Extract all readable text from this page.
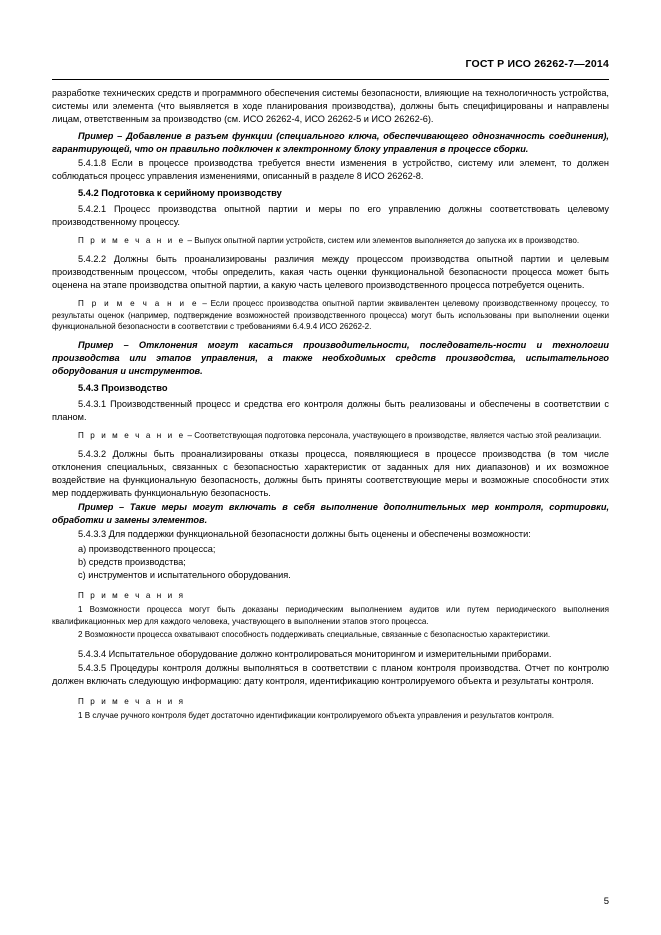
ГОСТ Р ИСО 26262-7—2014

разработке технических средств и программного обеспечения системы безопасности, влияющие на технологичность устройства, системы или элемента (что выявляется в ходе планирования производства), должны быть специфицированы и направлены лицам, ответственным за производство (см. ИСО 26262-4, ИСО 26262-5 и ИСО 26262-6).

Пример – Добавление в разъем функции (специального ключа, обеспечивающего однозначность соединения), гарантирующей, что он правильно подключен к электронному блоку управления в процессе сборки.

5.4.1.8 Если в процессе производства требуется внести изменения в устройство, систему или элемент, то должен соблюдаться процесс управления изменениями, описанный в разделе 8 ИСО 26262-8.

5.4.2 Подготовка к серийному производству

5.4.2.1 Процесс производства опытной партии и меры по его управлению должны соответствовать целевому производственному процессу.

П р и м е ч а н и е – Выпуск опытной партии устройств, систем или элементов выполняется до запуска их в производство.

5.4.2.2 Должны быть проанализированы различия между процессом производства опытной партии и целевым производственным процессом, чтобы определить, какая часть оценки функциональной безопасности процесса может быть оценена на этапе производства опытной партии, а какую часть целевого производственного процесса потребуется оценить.

П р и м е ч а н и е – Если процесс производства опытной партии эквивалентен целевому производственному процессу, то результаты оценок (например, подтверждение возможностей производственного процесса) могут быть использованы при выполнении оценки функциональной безопасности в соответствии с требованиями 6.4.9.4 ИСО 26262-2.

Пример – Отклонения могут касаться производительности, последователь-ности и технологии производства или этапов управления, а также необходимых средств производства, испытательного оборудования и инструментов.

5.4.3 Производство

5.4.3.1 Производственный процесс и средства его контроля должны быть реализованы и обеспечены в соответствии с планом.

П р и м е ч а н и е – Соответствующая подготовка персонала, участвующего в производстве, является частью этой реализации.

5.4.3.2 Должны быть проанализированы отказы процесса, появляющиеся в процессе производства (в том числе отклонения специальных, связанных с безопасностью характеристик от заданных для них диапазонов) и их возможное воздействие на функциональную безопасность, должны быть приняты соответствующие меры и возможные способности этих мер поддерживать функциональную безопасность.

Пример – Такие меры могут включать в себя выполнение дополнительных мер контроля, сортировки, обработки и замены элементов.

5.4.3.3 Для поддержки функциональной безопасности должны быть оценены и обеспечены возможности:

a) производственного процесса;

b) средств производства;

c) инструментов и испытательного оборудования.

П р и м е ч а н и я

1 Возможности процесса могут быть доказаны периодическим выполнением аудитов или путем периодического выполнения квалификационных мер для каждого человека, участвующего в выполнении этапов этого процесса.

2 Возможности процесса охватывают способность поддерживать специальные, связанные с безопасностью характеристики.

5.4.3.4 Испытательное оборудование должно контролироваться мониторингом и измерительными приборами.

5.4.3.5 Процедуры контроля должны выполняться в соответствии с планом контроля производства. Отчет по контролю должен включать следующую информацию: дату контроля, идентификацию контролируемого объекта и результаты контроля.

П р и м е ч а н и я

1 В случае ручного контроля будет достаточно идентификации контролируемого объекта управления и результатов контроля.

5
